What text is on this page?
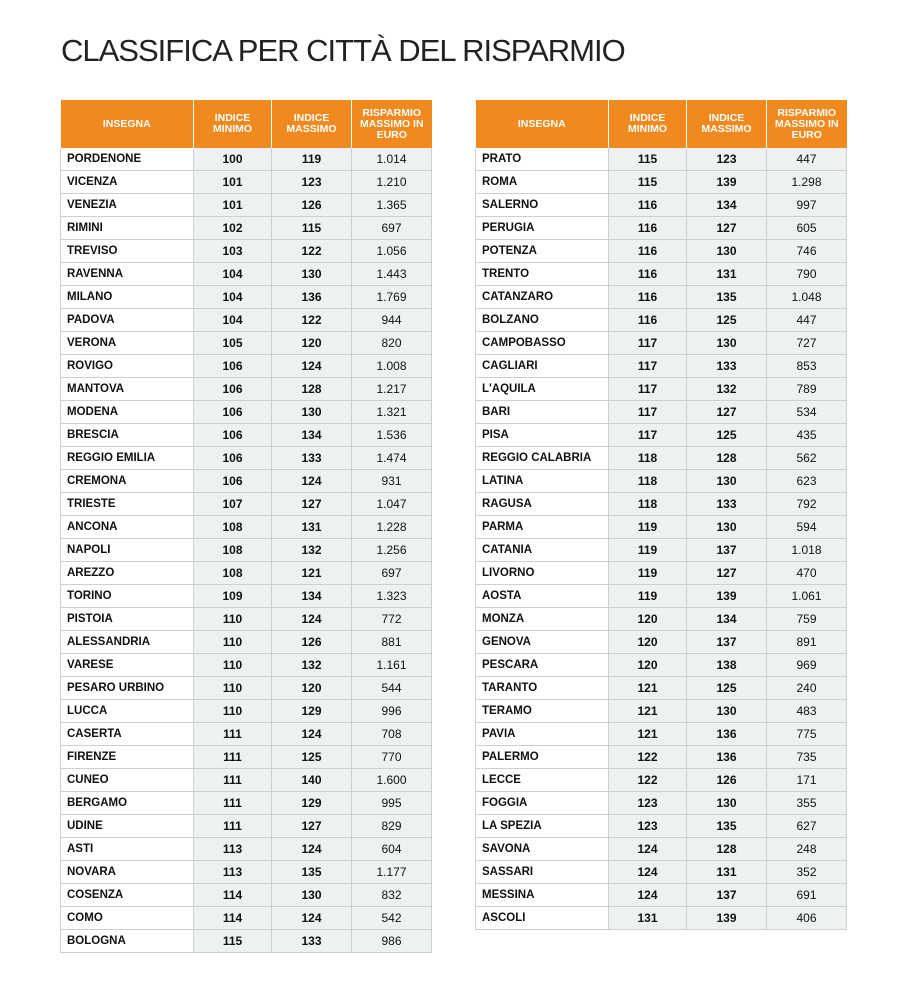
CLASSIFICA PER CITTÀ DEL RISPARMIO
INSEGNA	INDICE MINIMO	INDICE MASSIMO	RISPARMIO MASSIMO IN EURO
PORDENONE	100	119	1.014
VICENZA	101	123	1.210
VENEZIA	101	126	1.365
RIMINI	102	115	697
TREVISO	103	122	1.056
RAVENNA	104	130	1.443
MILANO	104	136	1.769
PADOVA	104	122	944
VERONA	105	120	820
ROVIGO	106	124	1.008
MANTOVA	106	128	1.217
MODENA	106	130	1.321
BRESCIA	106	134	1.536
REGGIO EMILIA	106	133	1.474
CREMONA	106	124	931
TRIESTE	107	127	1.047
ANCONA	108	131	1.228
NAPOLI	108	132	1.256
AREZZO	108	121	697
TORINO	109	134	1.323
PISTOIA	110	124	772
ALESSANDRIA	110	126	881
VARESE	110	132	1.161
PESARO URBINO	110	120	544
LUCCA	110	129	996
CASERTA	111	124	708
FIRENZE	111	125	770
CUNEO	111	140	1.600
BERGAMO	111	129	995
UDINE	111	127	829
ASTI	113	124	604
NOVARA	113	135	1.177
COSENZA	114	130	832
COMO	114	124	542
BOLOGNA	115	133	986
INSEGNA	INDICE MINIMO	INDICE MASSIMO	RISPARMIO MASSIMO IN EURO
PRATO	115	123	447
ROMA	115	139	1.298
SALERNO	116	134	997
PERUGIA	116	127	605
POTENZA	116	130	746
TRENTO	116	131	790
CATANZARO	116	135	1.048
BOLZANO	116	125	447
CAMPOBASSO	117	130	727
CAGLIARI	117	133	853
L'AQUILA	117	132	789
BARI	117	127	534
PISA	117	125	435
REGGIO CALABRIA	118	128	562
LATINA	118	130	623
RAGUSA	118	133	792
PARMA	119	130	594
CATANIA	119	137	1.018
LIVORNO	119	127	470
AOSTA	119	139	1.061
MONZA	120	134	759
GENOVA	120	137	891
PESCARA	120	138	969
TARANTO	121	125	240
TERAMO	121	130	483
PAVIA	121	136	775
PALERMO	122	136	735
LECCE	122	126	171
FOGGIA	123	130	355
LA SPEZIA	123	135	627
SAVONA	124	128	248
SASSARI	124	131	352
MESSINA	124	137	691
ASCOLI	131	139	406
